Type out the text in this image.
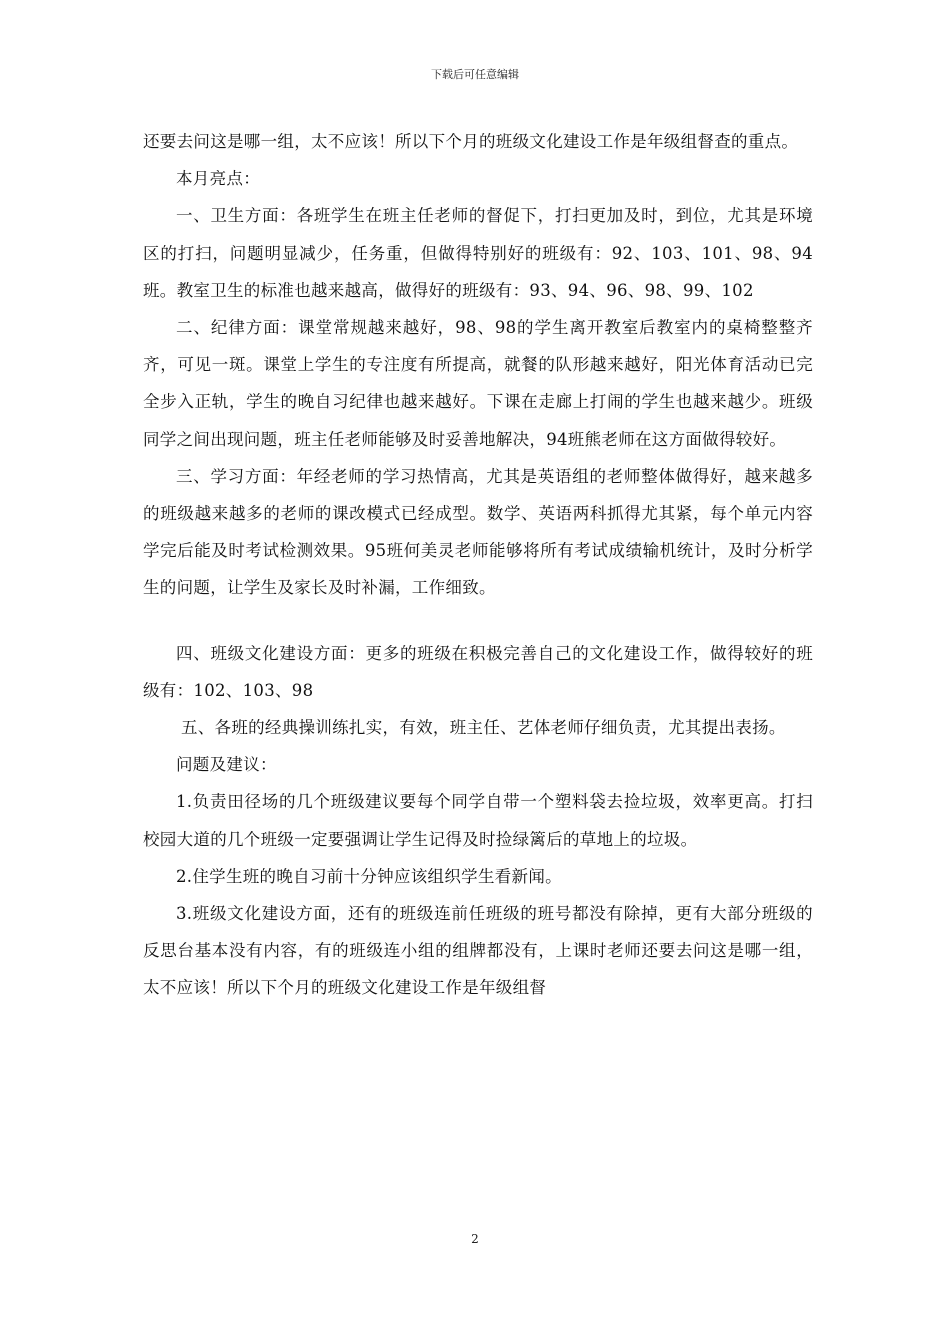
下载后可任意编辑

还要去问这是哪一组，太不应该！所以下个月的班级文化建设工作是年级组督查的重点。

本月亮点：

一、卫生方面：各班学生在班主任老师的督促下，打扫更加及时，到位，尤其是环境区的打扫，问题明显减少，任务重，但做得特别好的班级有：92、103、101、98、94班。教室卫生的标准也越来越高，做得好的班级有：93、94、96、98、99、102

二、纪律方面：课堂常规越来越好，98、98的学生离开教室后教室内的桌椅整整齐齐，可见一斑。课堂上学生的专注度有所提高，就餐的队形越来越好，阳光体育活动已完全步入正轨，学生的晚自习纪律也越来越好。下课在走廊上打闹的学生也越来越少。班级同学之间出现问题，班主任老师能够及时妥善地解决，94班熊老师在这方面做得较好。

三、学习方面：年经老师的学习热情高，尤其是英语组的老师整体做得好，越来越多的班级越来越多的老师的课改模式已经成型。数学、英语两科抓得尤其紧，每个单元内容学完后能及时考试检测效果。95班何美灵老师能够将所有考试成绩输机统计，及时分析学生的问题，让学生及家长及时补漏，工作细致。

四、班级文化建设方面：更多的班级在积极完善自己的文化建设工作，做得较好的班级有：102、103、98

五、各班的经典操训练扎实，有效，班主任、艺体老师仔细负责，尤其提出表扬。

问题及建议：

1.负责田径场的几个班级建议要每个同学自带一个塑料袋去捡垃圾，效率更高。打扫校园大道的几个班级一定要强调让学生记得及时捡绿篱后的草地上的垃圾。

2.住学生班的晚自习前十分钟应该组织学生看新闻。

3.班级文化建设方面，还有的班级连前任班级的班号都没有除掉，更有大部分班级的反思台基本没有内容，有的班级连小组的组牌都没有，上课时老师还要去问这是哪一组，太不应该！所以下个月的班级文化建设工作是年级组督

2
